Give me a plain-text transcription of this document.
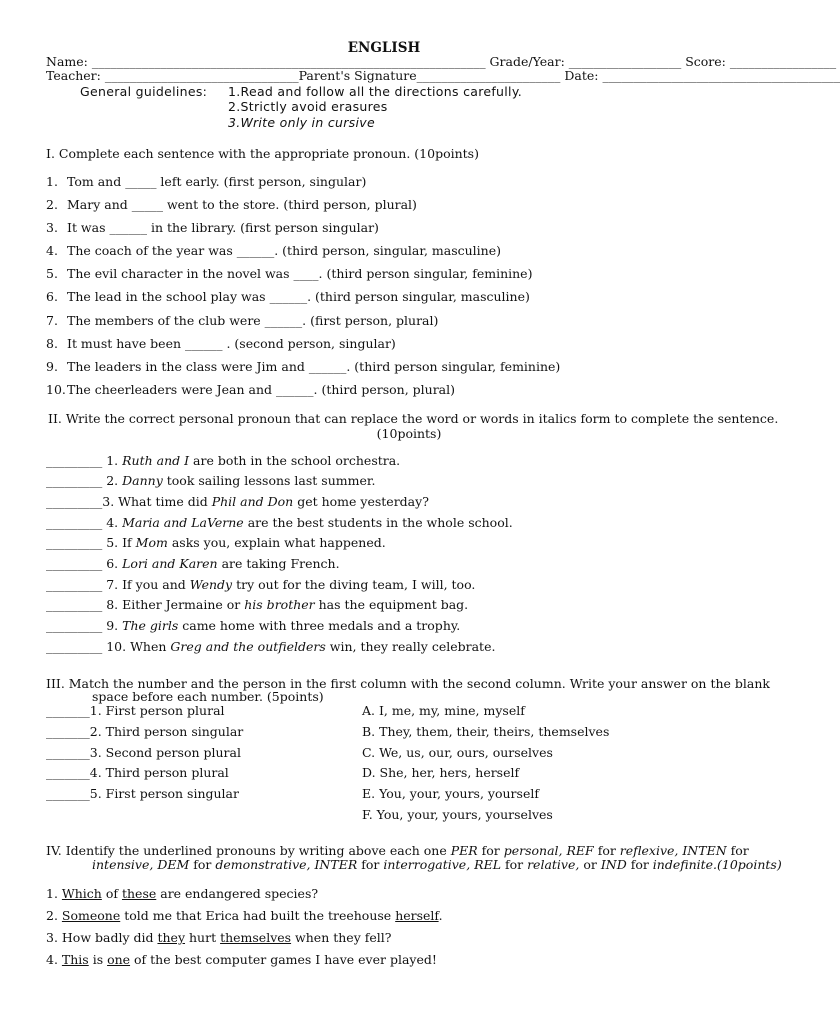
ENGLISH
Name: _______________________________________________________________ Grade/Year: __________________ Score: _________________
Teacher: _______________________________Parent's Signature_______________________ Date: ______________________________________
General guidelines: 1.Read and follow all the directions carefully.
2.Strictly avoid erasures
3.Write only in cursive
I. Complete each sentence with the appropriate pronoun. (10points)
1. Tom and _____ left early. (first person, singular)
2. Mary and _____ went to the store. (third person, plural)
3. It was ______ in the library. (first person singular)
4. The coach of the year was ______. (third person, singular, masculine)
5. The evil character in the novel was ____. (third person singular, feminine)
6. The lead in the school play was ______. (third person singular, masculine)
7. The members of the club were ______. (first person, plural)
8. It must have been ______ . (second person, singular)
9. The leaders in the class were Jim and ______. (third person singular, feminine)
10. The cheerleaders were Jean and ______. (third person, plural)
II. Write the correct personal pronoun that can replace the word or words in italics form to complete the sentence.
(10points)
_________ 1. Ruth and I are both in the school orchestra.
_________ 2. Danny took sailing lessons last summer.
_________3. What time did Phil and Don get home yesterday?
_________ 4. Maria and LaVerne are the best students in the whole school.
_________ 5. If Mom asks you, explain what happened.
_________ 6. Lori and Karen are taking French.
_________ 7. If you and Wendy try out for the diving team, I will, too.
_________ 8. Either Jermaine or his brother has the equipment bag.
_________ 9. The girls came home with three medals and a trophy.
_________ 10. When Greg and the outfielders win, they really celebrate.
III. Match the number and the person in the first column with the second column. Write your answer on the blank
space before each number. (5points)
_______1. First person plural
_______2. Third person singular
_______3. Second person plural
_______4. Third person plural
_______5. First person singular
A. I, me, my, mine, myself
B. They, them, their, theirs, themselves
C. We, us, our, ours, ourselves
D. She, her, hers, herself
E. You, your, yours, yourself
F. You, your, yours, yourselves
IV. Identify the underlined pronouns by writing above each one PER for personal, REF for reflexive, INTEN for
intensive, DEM for demonstrative, INTER for interrogative, REL for relative, or IND for indefinite.(10points)
1. Which of these are endangered species?
2. Someone told me that Erica had built the treehouse herself.
3. How badly did they hurt themselves when they fell?
4. This is one of the best computer games I have ever played!
